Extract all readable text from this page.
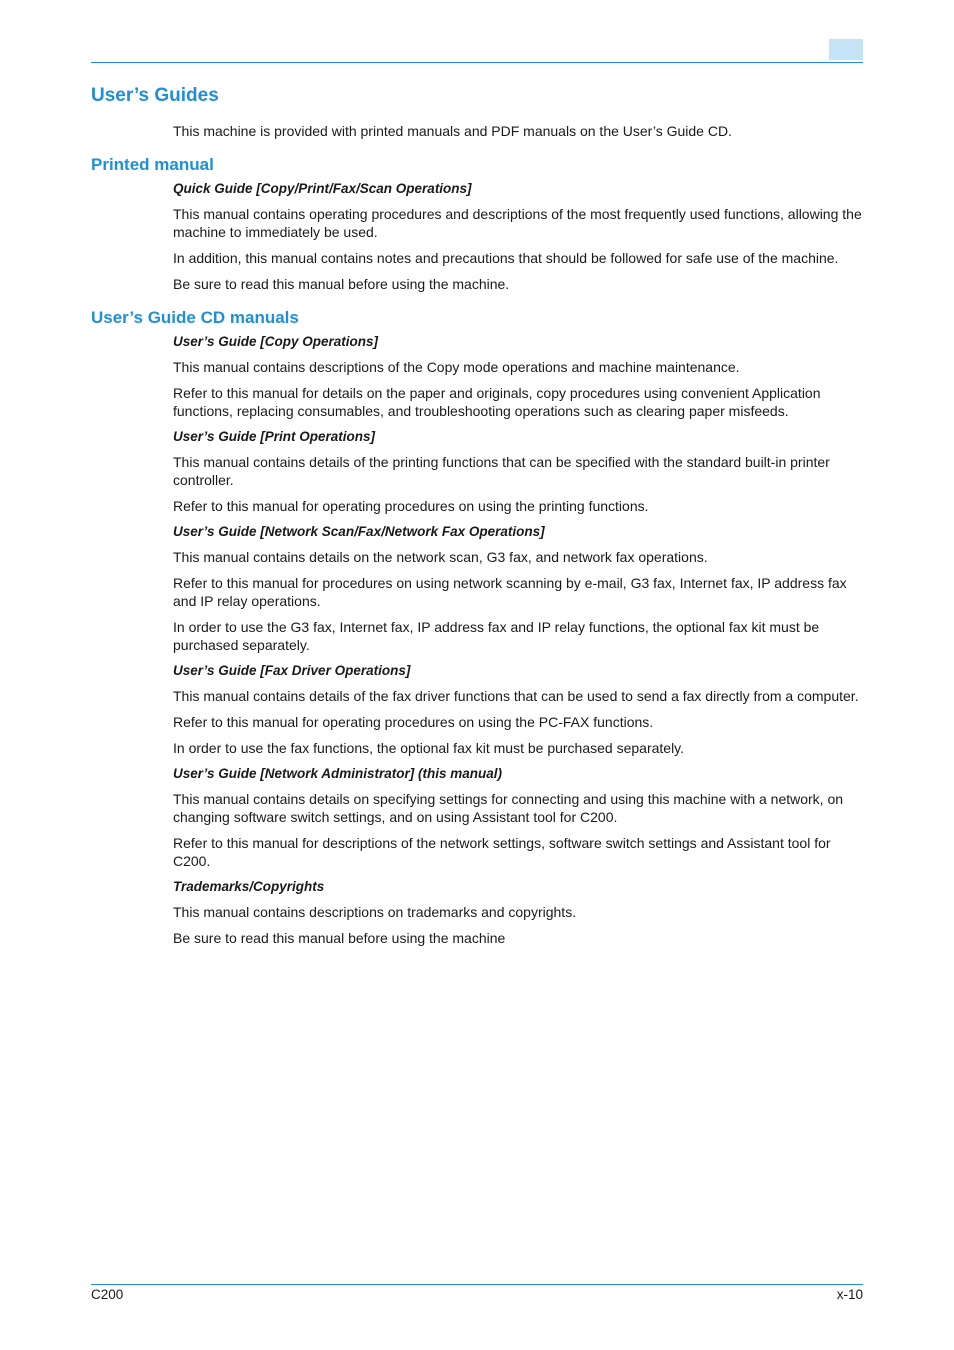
User’s Guides

This machine is provided with printed manuals and PDF manuals on the User’s Guide CD.

Printed manual
Quick Guide [Copy/Print/Fax/Scan Operations]

This manual contains operating procedures and descriptions of the most frequently used functions, allowing the machine to immediately be used.

In addition, this manual contains notes and precautions that should be followed for safe use of the machine.

Be sure to read this manual before using the machine.

User’s Guide CD manuals
User’s Guide [Copy Operations]

This manual contains descriptions of the Copy mode operations and machine maintenance.

Refer to this manual for details on the paper and originals, copy procedures using convenient Application functions, replacing consumables, and troubleshooting operations such as clearing paper misfeeds.

User’s Guide [Print Operations]

This manual contains details of the printing functions that can be specified with the standard built-in printer controller.

Refer to this manual for operating procedures on using the printing functions.

User’s Guide [Network Scan/Fax/Network Fax Operations]

This manual contains details on the network scan, G3 fax, and network fax operations.

Refer to this manual for procedures on using network scanning by e-mail, G3 fax, Internet fax, IP address fax and IP relay operations.

In order to use the G3 fax, Internet fax, IP address fax and IP relay functions, the optional fax kit must be purchased separately.

User’s Guide [Fax Driver Operations]

This manual contains details of the fax driver functions that can be used to send a fax directly from a computer.

Refer to this manual for operating procedures on using the PC-FAX functions.

In order to use the fax functions, the optional fax kit must be purchased separately.

User’s Guide [Network Administrator] (this manual)

This manual contains details on specifying settings for connecting and using this machine with a network, on changing software switch settings, and on using Assistant tool for C200.

Refer to this manual for descriptions of the network settings, software switch settings and Assistant tool for C200.

Trademarks/Copyrights

This manual contains descriptions on trademarks and copyrights.

Be sure to read this manual before using the machine

C200	x-10
